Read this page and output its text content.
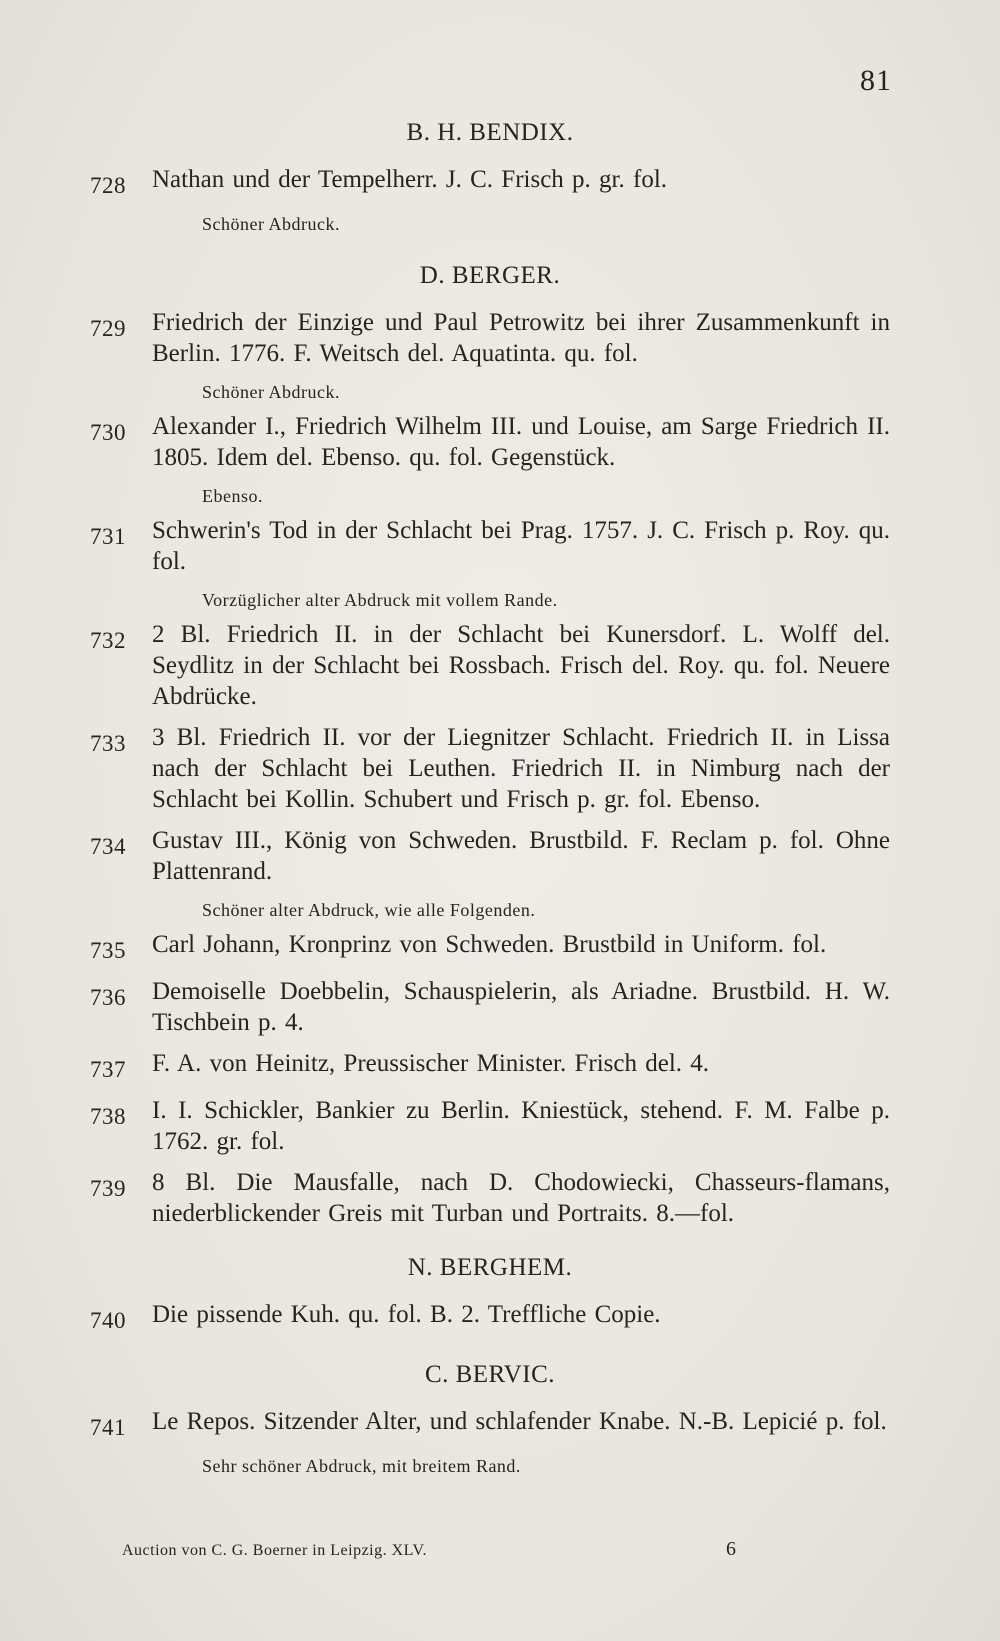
81
B. H. BENDIX.
728	Nathan und der Tempelherr. J. C. Frisch p. gr. fol.
Schöner Abdruck.
D. BERGER.
729	Friedrich der Einzige und Paul Petrowitz bei ihrer Zusammenkunft in Berlin. 1776. F. Weitsch del. Aquatinta. qu. fol.
Schöner Abdruck.
730	Alexander I., Friedrich Wilhelm III. und Louise, am Sarge Friedrich II. 1805. Idem del. Ebenso. qu. fol. Gegenstück.
Ebenso.
731	Schwerin's Tod in der Schlacht bei Prag. 1757. J. C. Frisch p. Roy. qu. fol.
Vorzüglicher alter Abdruck mit vollem Rande.
732	2 Bl. Friedrich II. in der Schlacht bei Kunersdorf. L. Wolff del. Seydlitz in der Schlacht bei Rossbach. Frisch del. Roy. qu. fol. Neuere Abdrücke.
733	3 Bl. Friedrich II. vor der Liegnitzer Schlacht. Friedrich II. in Lissa nach der Schlacht bei Leuthen. Friedrich II. in Nimburg nach der Schlacht bei Kollin. Schubert und Frisch p. gr. fol. Ebenso.
734	Gustav III., König von Schweden. Brustbild. F. Reclam p. fol. Ohne Plattenrand.
Schöner alter Abdruck, wie alle Folgenden.
735	Carl Johann, Kronprinz von Schweden. Brustbild in Uniform. fol.
736	Demoiselle Doebbelin, Schauspielerin, als Ariadne. Brustbild. H. W. Tischbein p. 4.
737	F. A. von Heinitz, Preussischer Minister. Frisch del. 4.
738	I. I. Schickler, Bankier zu Berlin. Kniestück, stehend. F. M. Falbe p. 1762. gr. fol.
739	8 Bl. Die Mausfalle, nach D. Chodowiecki, Chasseurs-flamans, niederblickender Greis mit Turban und Portraits. 8.—fol.
N. BERGHEM.
740	Die pissende Kuh. qu. fol. B. 2. Treffliche Copie.
C. BERVIC.
741	Le Repos. Sitzender Alter, und schlafender Knabe. N.-B. Lepicié p. fol.
Sehr schöner Abdruck, mit breitem Rand.
Auction von C. G. Boerner in Leipzig. XLV.	6
